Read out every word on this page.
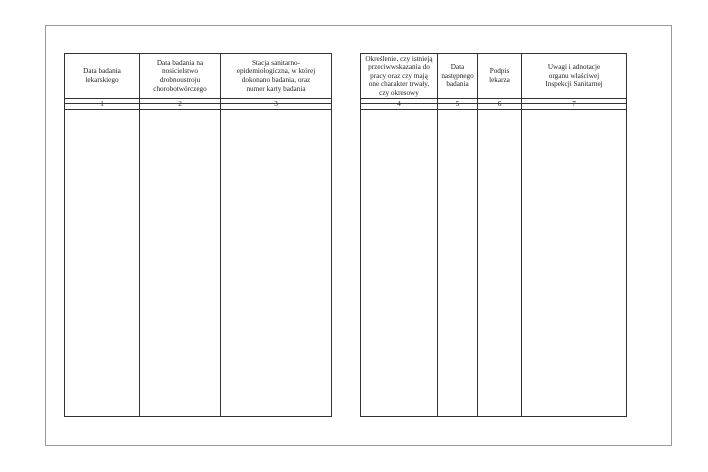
Data badania
lekarskiego
1
Data badania na
nosicielstwo
drobnoustroju
chorobotwórczego
2
Stacja sanitarno-
epidemiologiczna, w której
dokonano badania, oraz
numer karty badania
3
Określenie, czy istnieją
przeciwwskazania do
pracy oraz czy mają
one charakter trwały,
czy okresowy
4
Data
następnego
badania
5
Podpis
lekarza
6
Uwagi i adnotacje
organu właściwej
Inspekcji Sanitarnej
7
